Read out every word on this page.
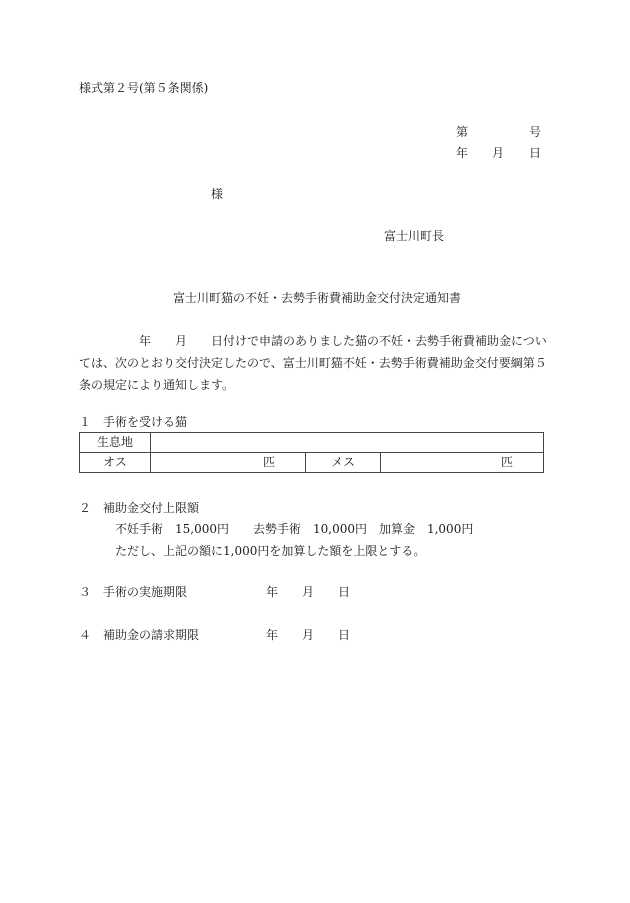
様式第２号(第５条関係)
第	号
年 月 日
様
富士川町長
富士川町猫の不妊・去勢手術費補助金交付決定通知書
年　　月　　日付けで申請のありました猫の不妊・去勢手術費補助金につい
ては、次のとおり交付決定したので、富士川町猫不妊・去勢手術費補助金交付要綱第５
条の規定により通知します。
１　手術を受ける猫
生息地			
オス	匹	メス	匹
２　補助金交付上限額
不妊手術　15,000円　　去勢手術　10,000円　加算金　1,000円
ただし、上記の額に1,000円を加算した額を上限とする。
３　手術の実施期限	年　　月　　日
４　補助金の請求期限	年　　月　　日
